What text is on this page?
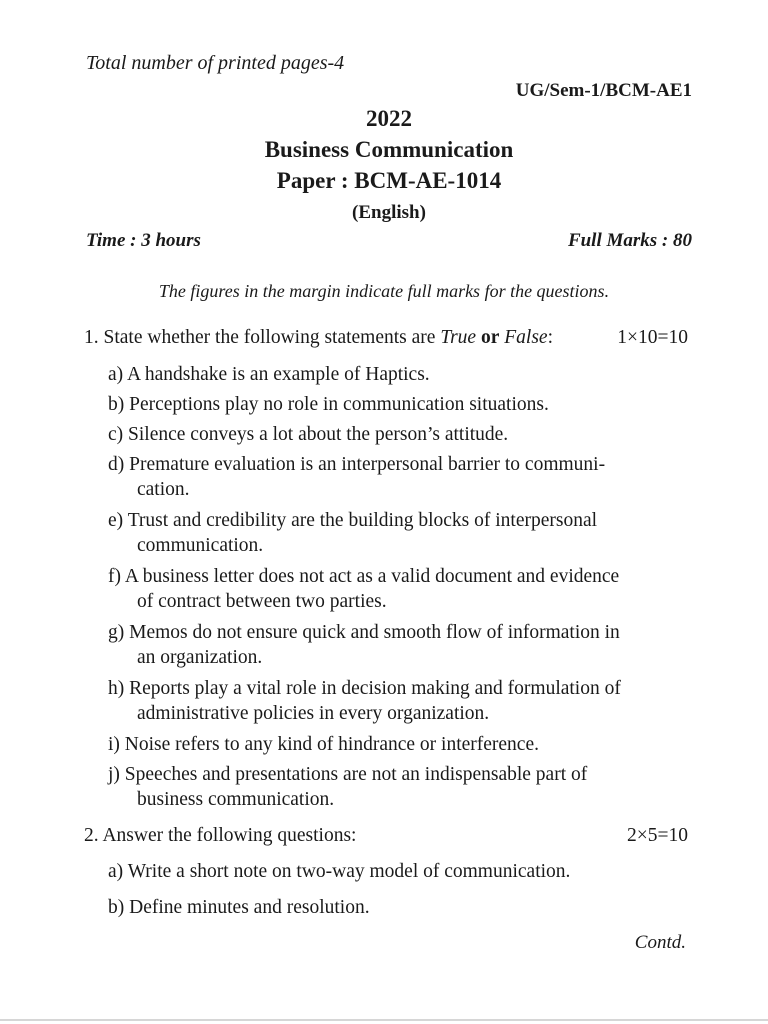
Total number of printed pages-4
UG/Sem-1/BCM-AE1
2022
Business Communication
Paper : BCM-AE-1014
(English)
Time : 3 hours	Full Marks : 80
The figures in the margin indicate full marks for the questions.
1. State whether the following statements are True or False:	1×10=10
a) A handshake is an example of Haptics.
b) Perceptions play no role in communication situations.
c) Silence conveys a lot about the person’s attitude.
d) Premature evaluation is an interpersonal barrier to communi-
cation.
e) Trust and credibility are the building blocks of interpersonal
communication.
f) A business letter does not act as a valid document and evidence
of contract between two parties.
g) Memos do not ensure quick and smooth flow of information in
an organization.
h) Reports play a vital role in decision making and formulation of
administrative policies in every organization.
i) Noise refers to any kind of hindrance or interference.
j) Speeches and presentations are not an indispensable part of
business communication.
2. Answer the following questions:	2×5=10
a) Write a short note on two-way model of communication.
b) Define minutes and resolution.
Contd.
